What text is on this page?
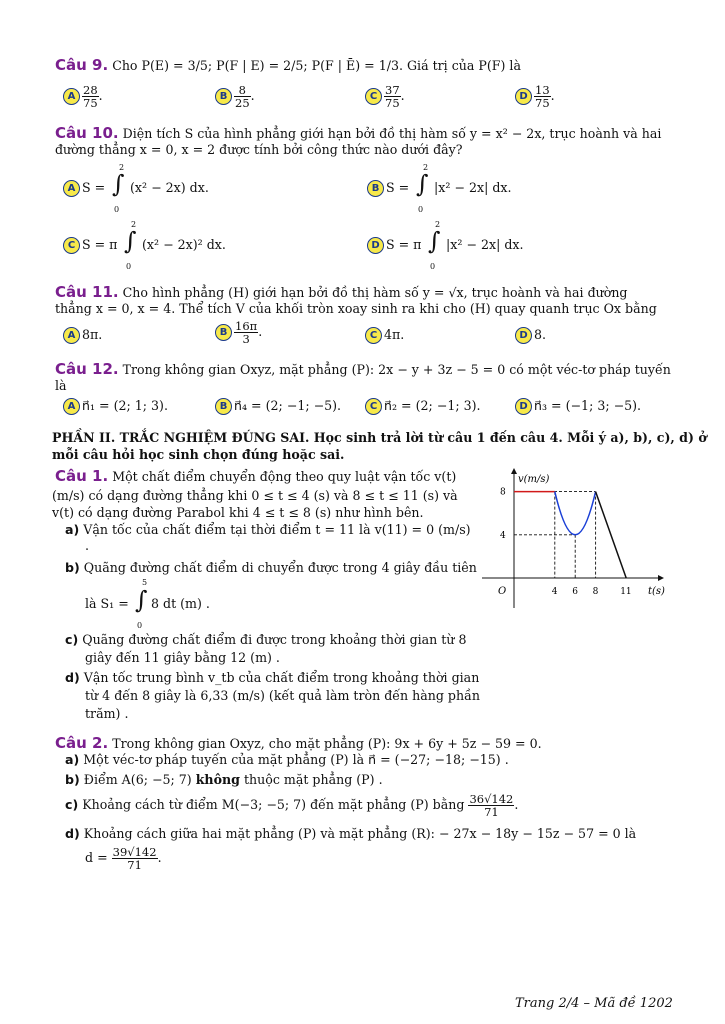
Câu 9. Cho P(E) = 3/5; P(F | E) = 2/5; P(F | Ē) = 1/3. Giá trị của P(F) là
A $\frac{28}{75}$ .	B $\frac{8}{25}$ .	C $\frac{37}{75}$ .	D $\frac{13}{75}$ .
Câu 10. Diện tích S của hình phẳng giới hạn bởi đồ thị hàm số y = x² − 2x, trục hoành và hai
đường thẳng x = 0, x = 2 được tính bởi công thức nào dưới đây?
A S = ∫
2
0
(x² − 2x) dx.	B S = ∫
2
0
|x² − 2x| dx.
C S = π ∫
2
0
(x² − 2x)² dx.	D S = π ∫
2
0
|x² − 2x| dx.
Câu 11. Cho hình phẳng (H) giới hạn bởi đồ thị hàm số y = √x, trục hoành và hai đường
thẳng x = 0, x = 4. Thể tích V của khối tròn xoay sinh ra khi cho (H) quay quanh trục Ox bằng
A 8π.	B $\frac{16\pi}{3}$ .	C 4π.	D 8.
Câu 12. Trong không gian Oxyz, mặt phẳng (P): 2x − y + 3z − 5 = 0 có một véc-tơ pháp tuyến
là
A n⃗₁ = (2; 1; 3).	B n⃗₄ = (2; −1; −5).	C n⃗₂ = (2; −1; 3).	D n⃗₃ = (−1; 3; −5).
PHẦN II. TRẮC NGHIỆM ĐÚNG SAI. Học sinh trả lời từ câu 1 đến câu 4. Mỗi ý a), b), c), d) ở
mỗi câu hỏi học sinh chọn đúng hoặc sai.
Câu 1. Một chất điểm chuyển động theo quy luật vận tốc v(t)
(m/s) có dạng đường thẳng khi 0 ≤ t ≤ 4 (s) và 8 ≤ t ≤ 11 (s) và
v(t) có dạng đường Parabol khi 4 ≤ t ≤ 8 (s) như hình bên.
a) Vận tốc của chất điểm tại thời điểm t = 11 là v(11) = 0 (m/s)
.
b) Quãng đường chất điểm di chuyển được trong 4 giây đầu tiên
là S₁ = ∫
5
0
8 dt (m) .
c) Quãng đường chất điểm đi được trong khoảng thời gian từ 8
giây đến 11 giây bằng 12 (m) .
d) Vận tốc trung bình v_tb của chất điểm trong khoảng thời gian
từ 4 đến 8 giây là 6,33 (m/s) (kết quả làm tròn đến hàng phần
trăm) .
t(s)
v(m/s)
O
4
8
4 6 8 11
Câu 2. Trong không gian Oxyz, cho mặt phẳng (P): 9x + 6y + 5z − 59 = 0.
a) Một véc-tơ pháp tuyến của mặt phẳng (P) là n⃗ = (−27; −18; −15) .
b) Điểm A(6; −5; 7) không thuộc mặt phẳng (P) .
c) Khoảng cách từ điểm M(−3; −5; 7) đến mặt phẳng (P) bằng $\frac{36√142}{71}$ .
d) Khoảng cách giữa hai mặt phẳng (P) và mặt phẳng (R): − 27x − 18y − 15z − 57 = 0 là
$d = \frac{39√142}{71}$ .
Trang 2/4 – Mã đề 1202
